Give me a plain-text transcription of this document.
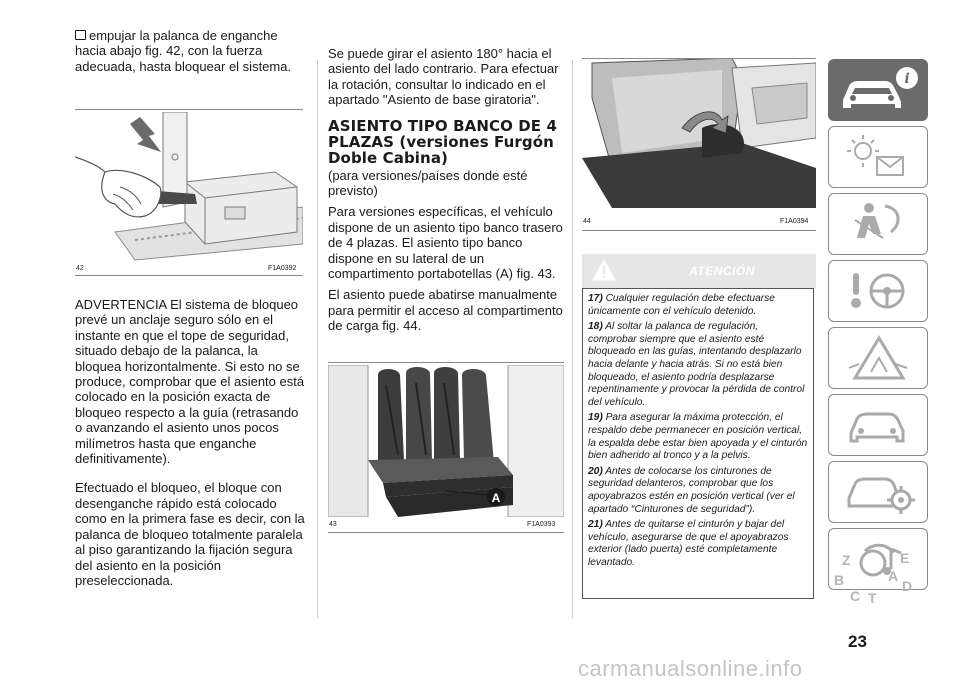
empujar la palanca de enganche hacia abajo fig. 42, con la fuerza adecuada, hasta bloquear el sistema.

42	F1A0392

ADVERTENCIA El sistema de bloqueo prevé un anclaje seguro sólo en el instante en que el tope de seguridad, situado debajo de la palanca, la bloquea horizontalmente. Si esto no se produce, comprobar que el asiento está colocado en la posición exacta de bloqueo respecto a la guía (retrasando o avanzando el asiento unos pocos milímetros hasta que enganche definitivamente).

Efectuado el bloqueo, el bloque con desenganche rápido está colocado como en la primera fase es decir, con la palanca de bloqueo totalmente paralela al piso garantizando la fijación segura del asiento en la posición preseleccionada.

Se puede girar el asiento 180° hacia el asiento del lado contrario. Para efectuar la rotación, consultar lo indicado en el apartado "Asiento de base giratoria".

ASIENTO TIPO BANCO DE 4 PLAZAS (versiones Furgón Doble Cabina)

(para versiones/países donde esté previsto)

Para versiones específicas, el vehículo dispone de un asiento tipo banco trasero de 4 plazas. El asiento tipo banco dispone en su lateral de un compartimento portabotellas (A) fig. 43.

El asiento puede abatirse manualmente para permitir el acceso al compartimento de carga fig. 44.

A
43	F1A0393
44	F1A0394
ATENCIÓN

17) Cualquier regulación debe efectuarse únicamente con el vehículo detenido.

18) Al soltar la palanca de regulación, comprobar siempre que el asiento esté bloqueado en las guías, intentando desplazarlo hacia delante y hacia atrás. Si no está bien bloqueado, el asiento podría desplazarse repentinamente y provocar la pérdida de control del vehículo.

19) Para asegurar la máxima protección, el respaldo debe permanecer en posición vertical, la espalda debe estar bien apoyada y el cinturón bien adherido al tronco y a la pelvis.

20) Antes de colocarse los cinturones de seguridad delanteros, comprobar que los apoyabrazos estén en posición vertical (ver el apartado “Cinturones de seguridad”).

21) Antes de quitarse el cinturón y bajar del vehículo, asegurarse de que el apoyabrazos exterior (lado puerta) esté completamente levantado.

i
Z	E
B	A
C T
D
23
carmanualsonline.info
